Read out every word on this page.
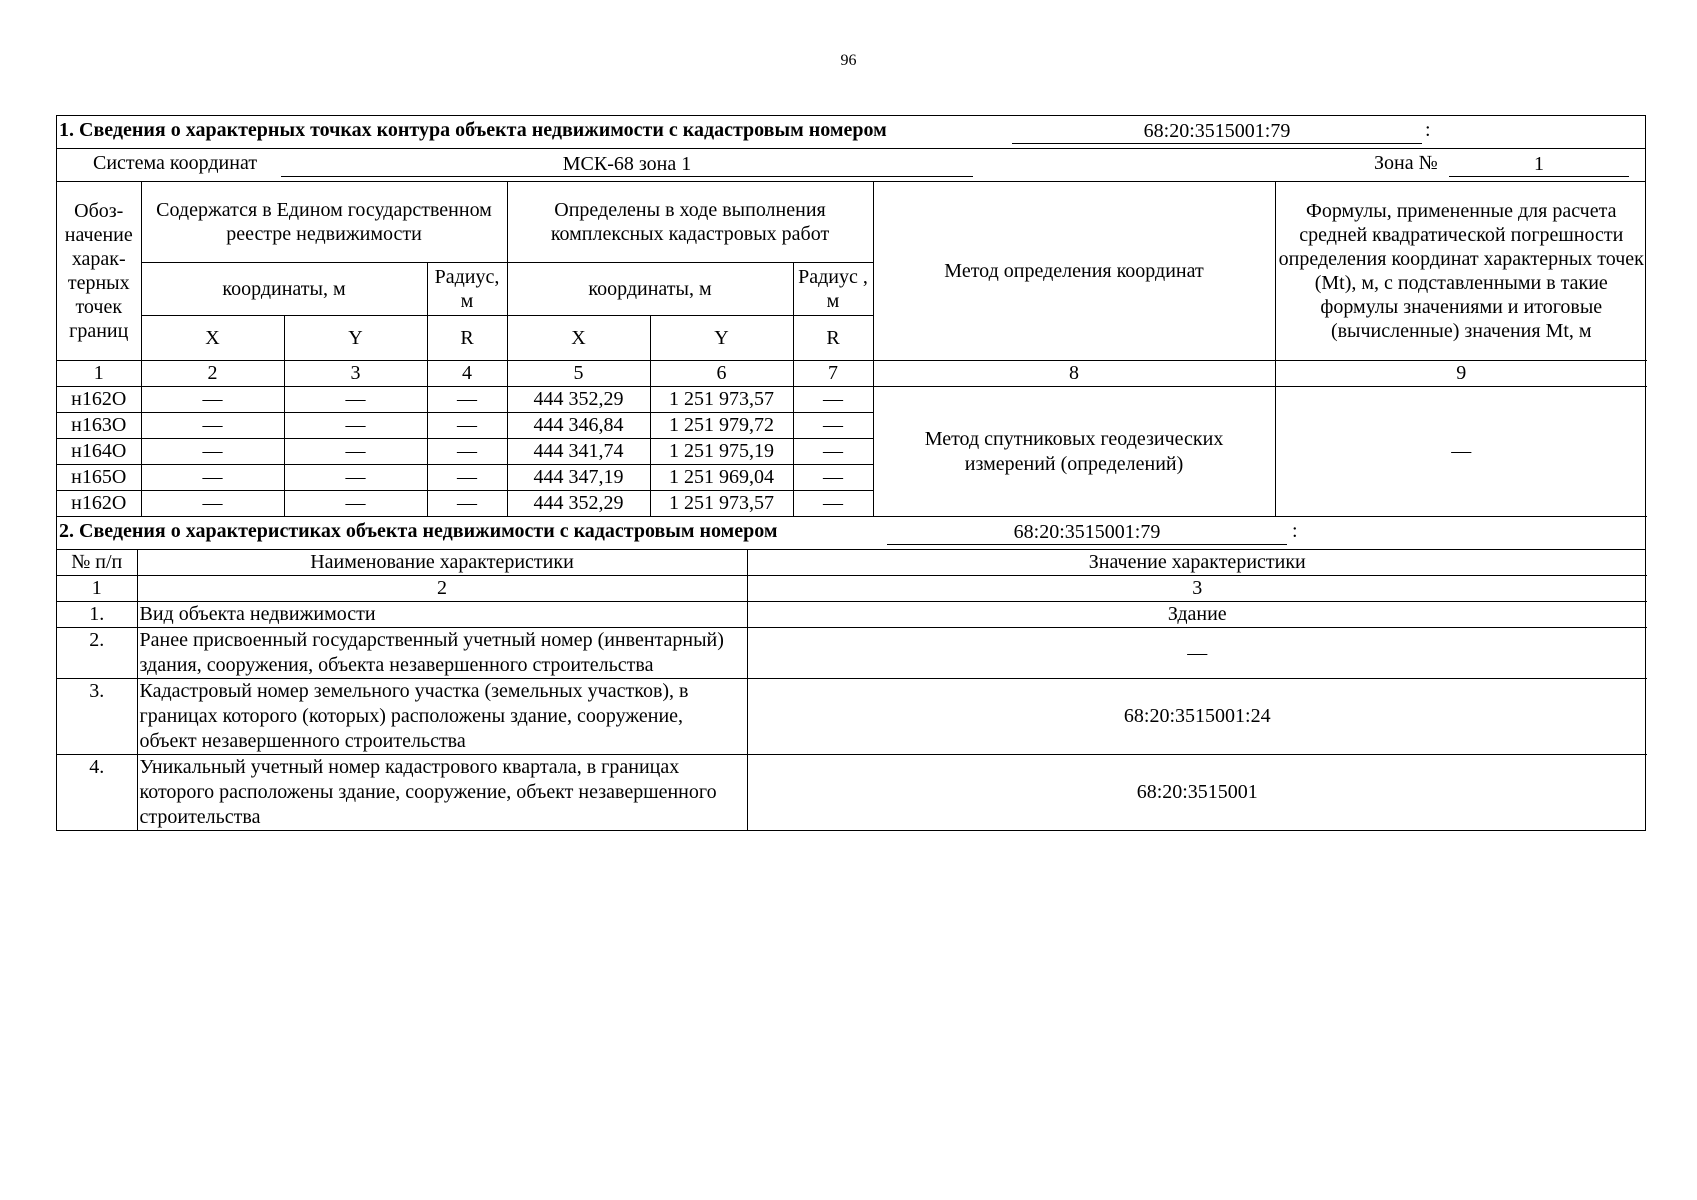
96
1. Сведения о характерных точках контура объекта недвижимости с кадастровым номером	68:20:3515001:79	:
Система координат	МСК-68 зона 1	Зона №	1
Обоз-начение харак-терных точек границ	Содержатся в Едином государственном реестре недвижимости			Определены в ходе выполнения комплексных кадастровых работ			Метод определения координат	Формулы, примененные для расчета средней квадратической погрешности определения координат характерных точек (Mt), м, с подставленными в такие формулы значениями и итоговые (вычисленные) значения Mt, м
	координаты, м		Радиус, м	координаты, м		Радиус , м		
	X	Y	R	X	Y	R		
1	2	3	4	5	6	7	8	9
н162О	—	—	—	444 352,29	1 251 973,57	—	Метод спутниковых геодезических измерений (определений)	—
н163О	—	—	—	444 346,84	1 251 979,72	—		
н164О	—	—	—	444 341,74	1 251 975,19	—		
н165О	—	—	—	444 347,19	1 251 969,04	—		
н162О	—	—	—	444 352,29	1 251 973,57	—		
2. Сведения о характеристиках объекта недвижимости с кадастровым номером	68:20:3515001:79	:
№ п/п	Наименование характеристики	Значение характеристики
1	2	3
1.	Вид объекта недвижимости	Здание
2.	Ранее присвоенный государственный учетный номер (инвентарный) здания, сооружения, объекта незавершенного строительства	—
3.	Кадастровый номер земельного участка (земельных участков), в границах которого (которых) расположены здание, сооружение, объект незавершенного строительства	68:20:3515001:24
4.	Уникальный учетный номер кадастрового квартала, в границах которого расположены здание, сооружение, объект незавершенного строительства	68:20:3515001
